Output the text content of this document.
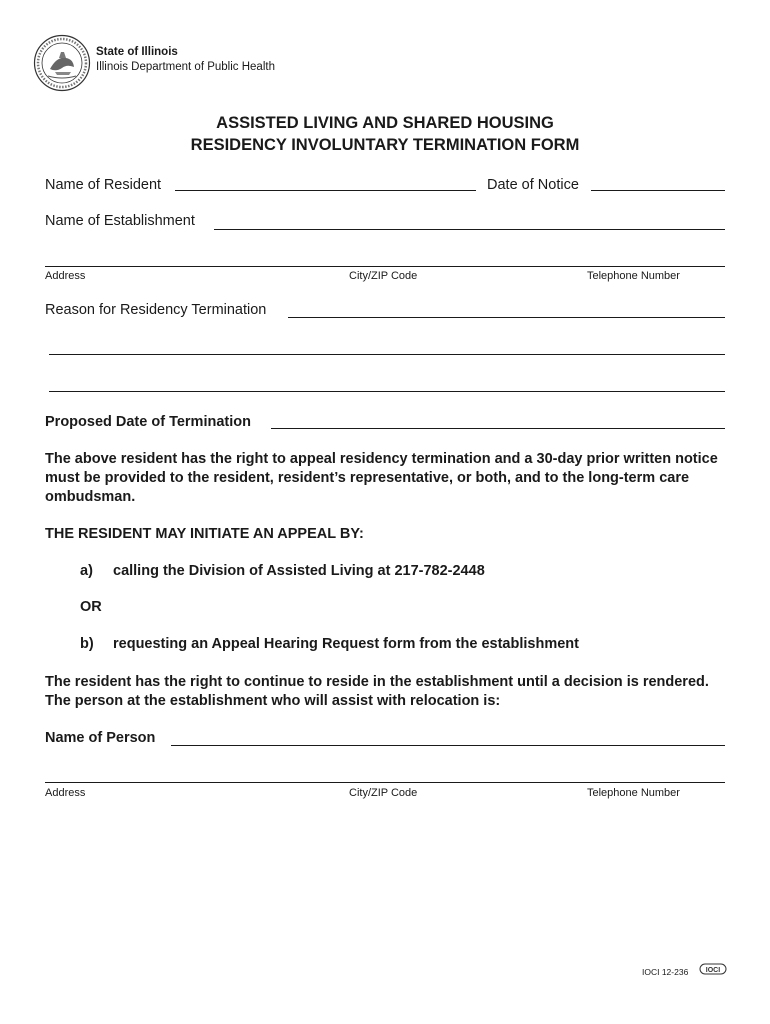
State of Illinois
Illinois Department of Public Health
ASSISTED LIVING AND SHARED HOUSING
RESIDENCY INVOLUNTARY TERMINATION FORM
Name of Resident	Date of Notice
Name of Establishment
Address	City/ZIP Code	Telephone Number
Reason for Residency Termination
Proposed Date of Termination
The above resident has the right to appeal residency termination and a 30-day prior written notice must be provided to the resident, resident’s representative, or both, and to the long-term care ombudsman.
THE RESIDENT MAY INITIATE AN APPEAL BY:
a) calling the Division of Assisted Living at 217-782-2448
OR
b) requesting an Appeal Hearing Request form from the establishment
The resident has the right to continue to reside in the establishment until a decision is rendered. The person at the establishment who will assist with relocation is:
Name of Person
Address	City/ZIP Code	Telephone Number
IOCI 12-236 IOCI
